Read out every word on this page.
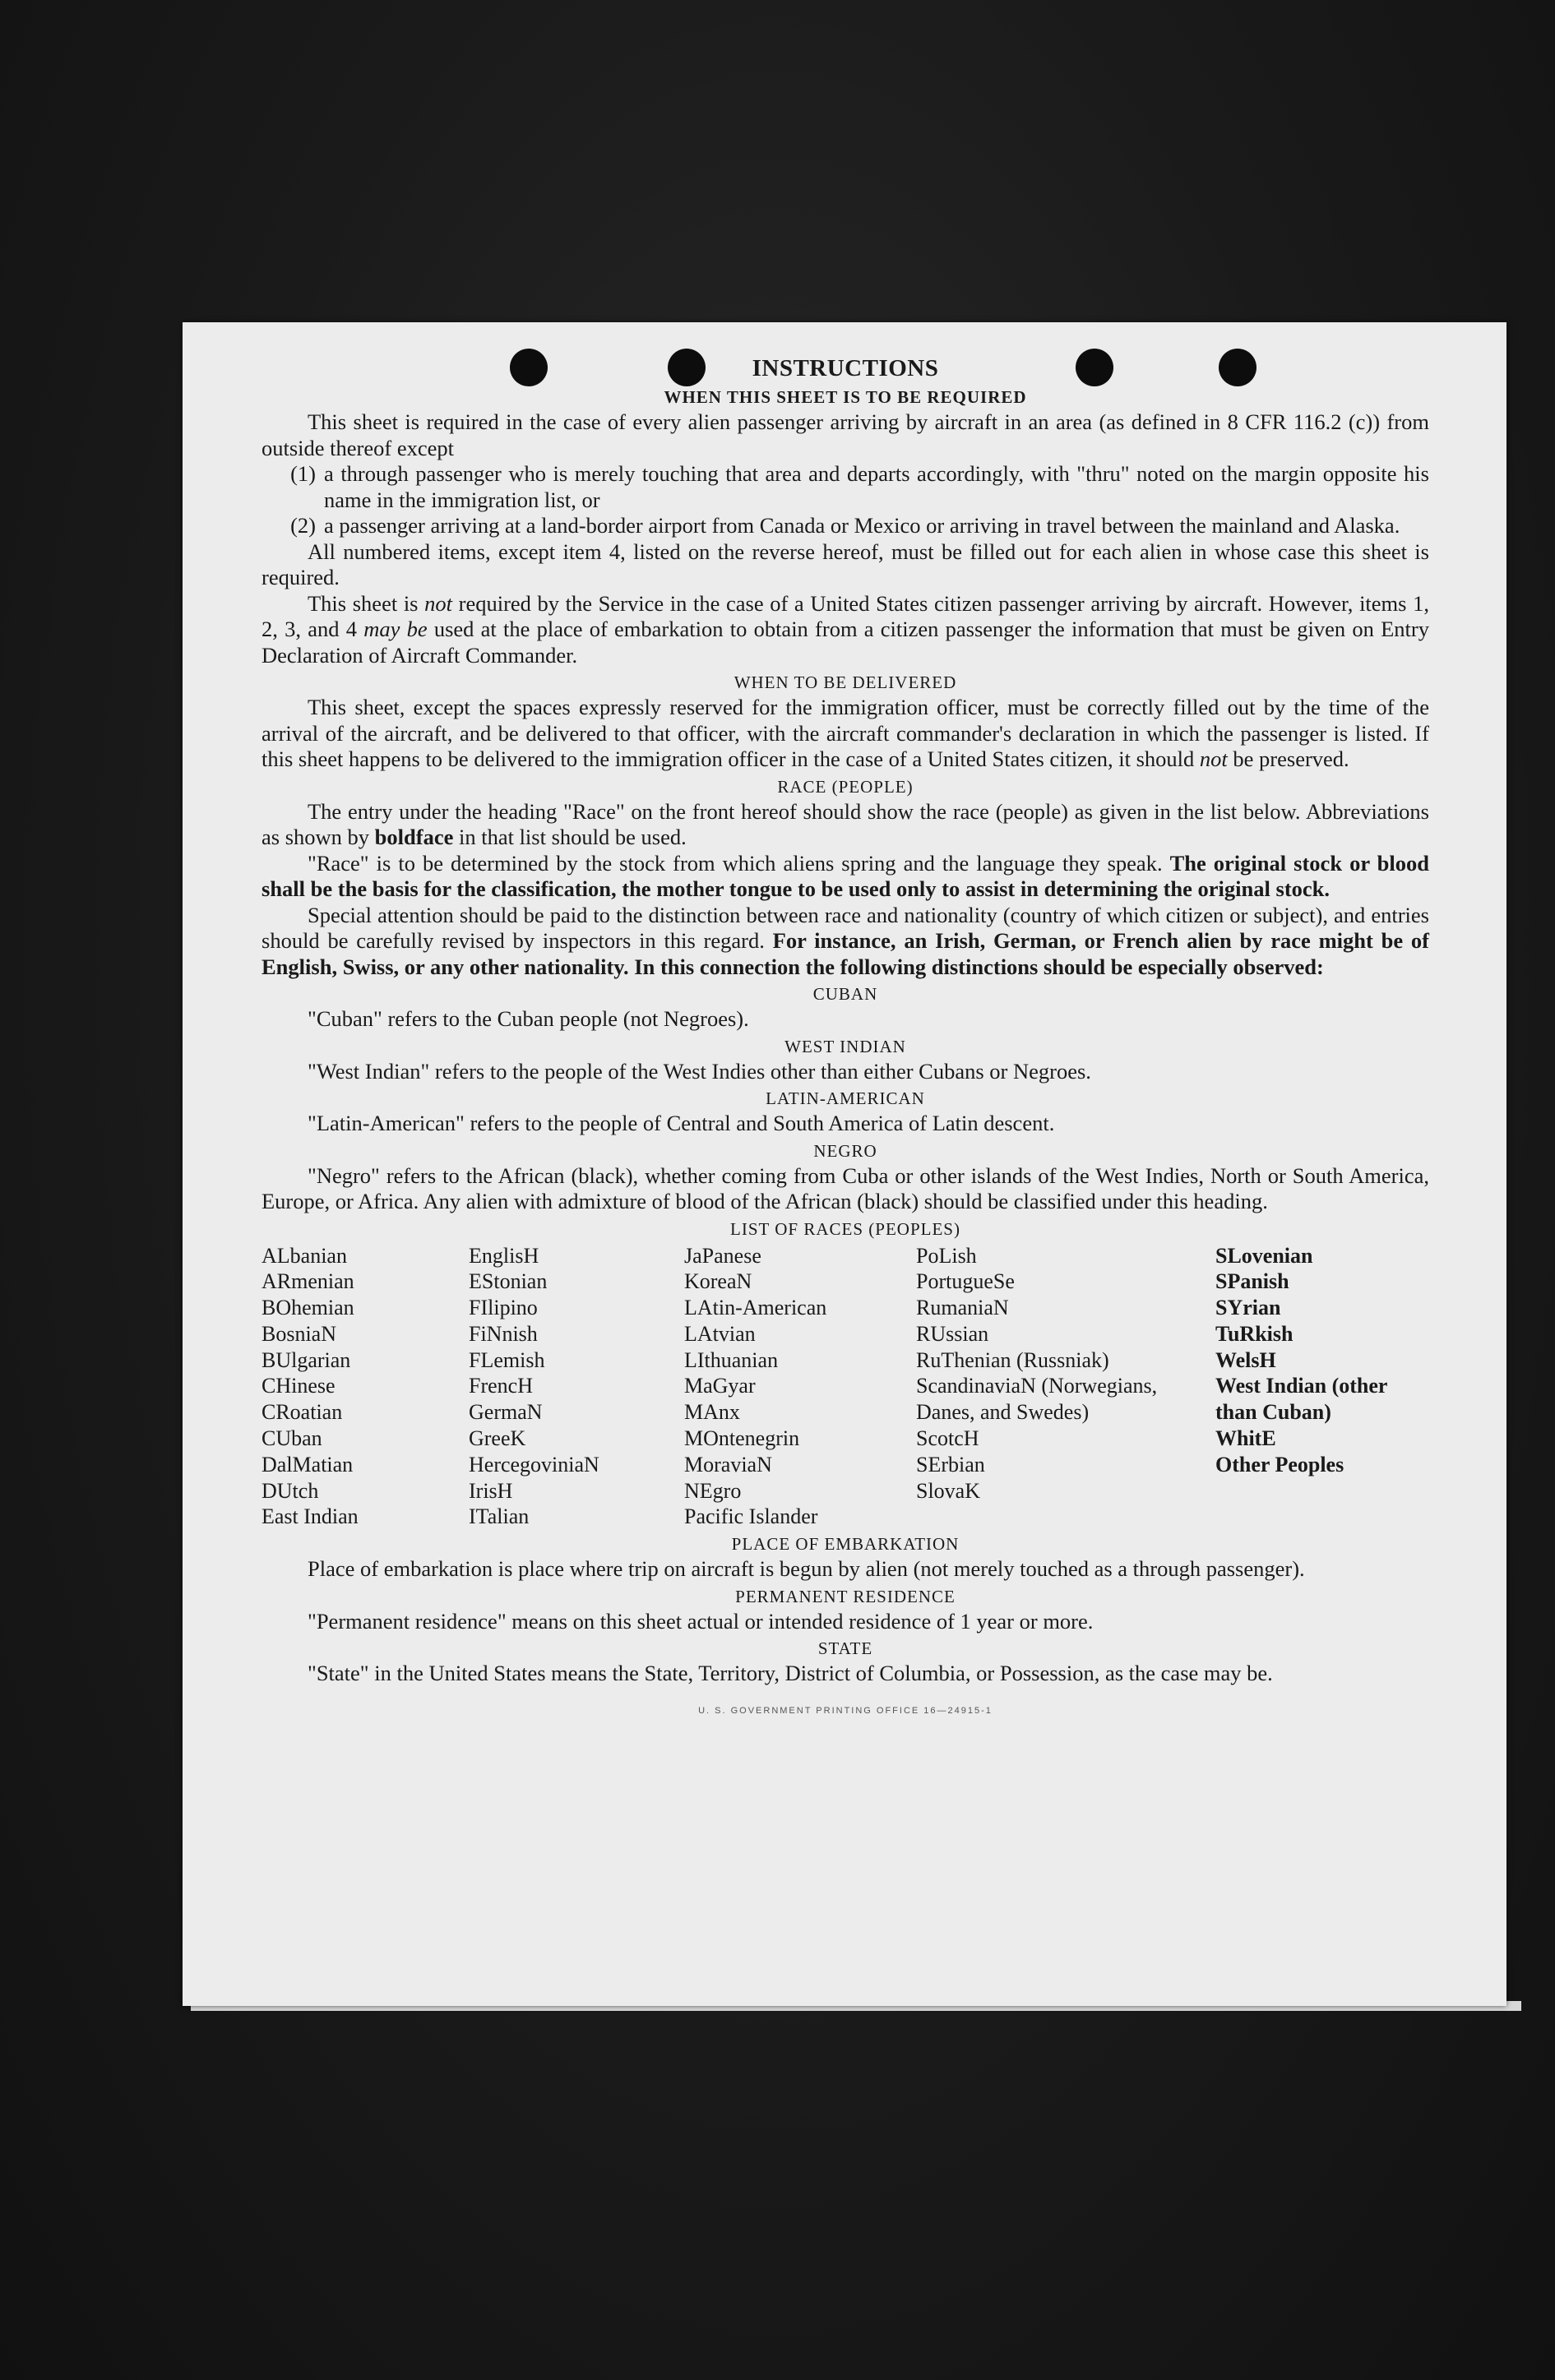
INSTRUCTIONS
WHEN THIS SHEET IS TO BE REQUIRED

This sheet is required in the case of every alien passenger arriving by aircraft in an area (as defined in 8 CFR 116.2 (c)) from outside thereof except

(1) a through passenger who is merely touching that area and departs accordingly, with "thru" noted on the margin opposite his name in the immigration list, or
(2) a passenger arriving at a land-border airport from Canada or Mexico or arriving in travel between the mainland and Alaska.

All numbered items, except item 4, listed on the reverse hereof, must be filled out for each alien in whose case this sheet is required.

This sheet is not required by the Service in the case of a United States citizen passenger arriving by aircraft. However, items 1, 2, 3, and 4 may be used at the place of embarkation to obtain from a citizen passenger the information that must be given on Entry Declaration of Aircraft Commander.

WHEN TO BE DELIVERED

This sheet, except the spaces expressly reserved for the immigration officer, must be correctly filled out by the time of the arrival of the aircraft, and be delivered to that officer, with the aircraft commander's declaration in which the passenger is listed. If this sheet happens to be delivered to the immigration officer in the case of a United States citizen, it should not be preserved.

RACE (PEOPLE)

The entry under the heading "Race" on the front hereof should show the race (people) as given in the list below. Abbreviations as shown by boldface in that list should be used.

"Race" is to be determined by the stock from which aliens spring and the language they speak. The original stock or blood shall be the basis for the classification, the mother tongue to be used only to assist in determining the original stock.

Special attention should be paid to the distinction between race and nationality (country of which citizen or subject), and entries should be carefully revised by inspectors in this regard. For instance, an Irish, German, or French alien by race might be of English, Swiss, or any other nationality. In this connection the following distinctions should be especially observed:

CUBAN

"Cuban" refers to the Cuban people (not Negroes).

WEST INDIAN

"West Indian" refers to the people of the West Indies other than either Cubans or Negroes.

LATIN-AMERICAN

"Latin-American" refers to the people of Central and South America of Latin descent.

NEGRO

"Negro" refers to the African (black), whether coming from Cuba or other islands of the West Indies, North or South America, Europe, or Africa. Any alien with admixture of blood of the African (black) should be classified under this heading.

LIST OF RACES (PEOPLES)
ALbanian
ARmenian
BOhemian
BosniaN
BUlgarian
CHinese
CRoatian
CUban
DalMatian
DUtch
East Indian
EnglisH
EStonian
FIlipino
FiNnish
FLemish
FrencH
GermaN
GreeK
HercegoviniaN
IrisH
ITalian
JaPanese
KoreaN
LAtin-American
LAtvian
LIthuanian
MaGyar
MAnx
MOntenegrin
MoraviaN
NEgro
Pacific Islander
PoLish
PortugueSe
RumaniaN
RUssian
RuThenian (Russniak)
ScandinaviaN (Norwegians, Danes, and Swedes)
ScotcH
SErbian
SlovaK
SLovenian
SPanish
SYrian
TuRkish
WelsH
West Indian (other than Cuban)
WhitE
Other Peoples
PLACE OF EMBARKATION

Place of embarkation is place where trip on aircraft is begun by alien (not merely touched as a through passenger).

PERMANENT RESIDENCE

"Permanent residence" means on this sheet actual or intended residence of 1 year or more.

STATE

"State" in the United States means the State, Territory, District of Columbia, or Possession, as the case may be.

U. S. GOVERNMENT PRINTING OFFICE 16—24915-1
